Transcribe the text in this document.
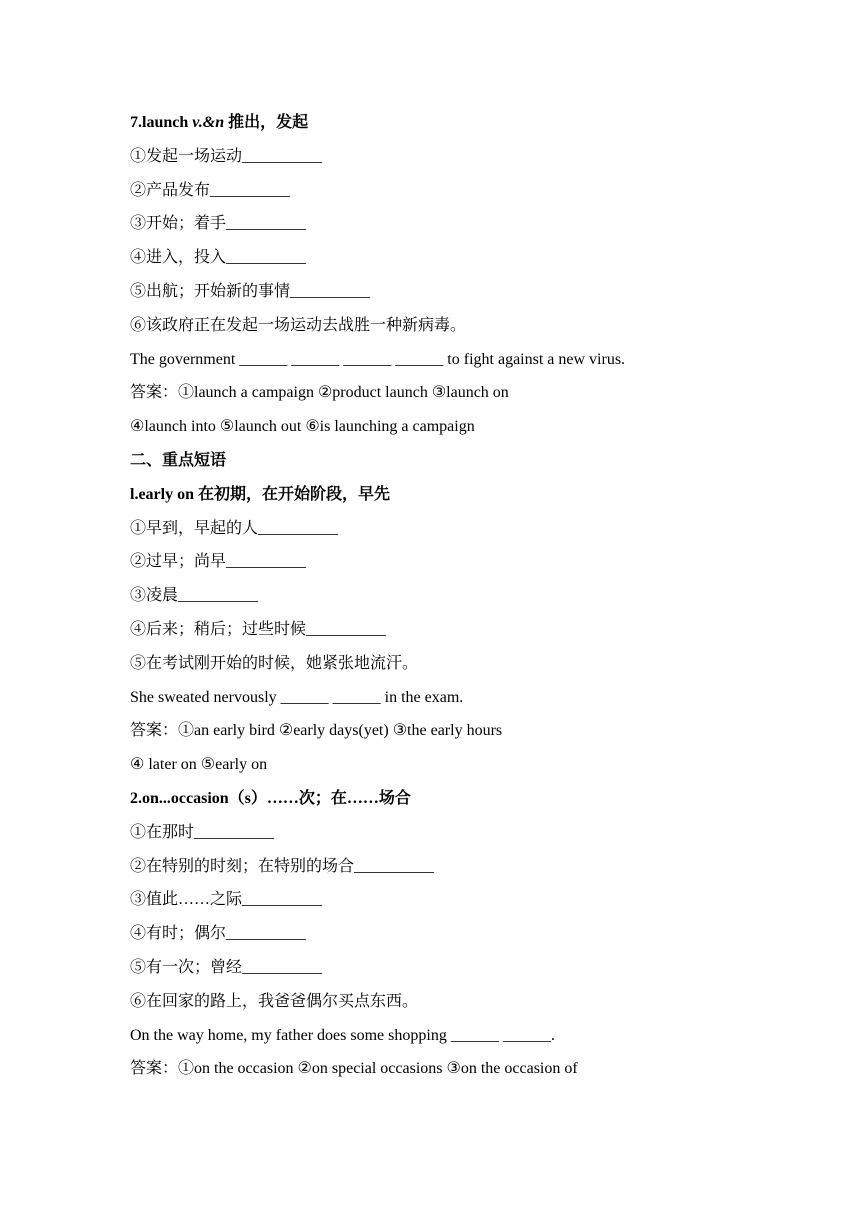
7.launch v.&n 推出，发起
①发起一场运动__________
②产品发布__________
③开始；着手__________
④进入，投入__________
⑤出航；开始新的事情__________
⑥该政府正在发起一场运动去战胜一种新病毒。
The government ______ ______ ______ ______ to fight against a new virus.
答案：①launch a campaign ②product launch ③launch on
④launch into ⑤launch out ⑥is launching a campaign
二、重点短语
l.early on 在初期，在开始阶段，早先
①早到，早起的人__________
②过早；尚早__________
③凌晨__________
④后来；稍后；过些时候__________
⑤在考试刚开始的时候，她紧张地流汗。
She sweated nervously ______ ______ in the exam.
答案：①an early bird ②early days(yet) ③the early hours
④ later on ⑤early on
2.on...occasion（s）……次；在……场合
①在那时__________
②在特别的时刻；在特别的场合__________
③值此……之际__________
④有时；偶尔__________
⑤有一次；曾经__________
⑥在回家的路上，我爸爸偶尔买点东西。
On the way home, my father does some shopping ______ ______.
答案：①on the occasion ②on special occasions ③on the occasion of
